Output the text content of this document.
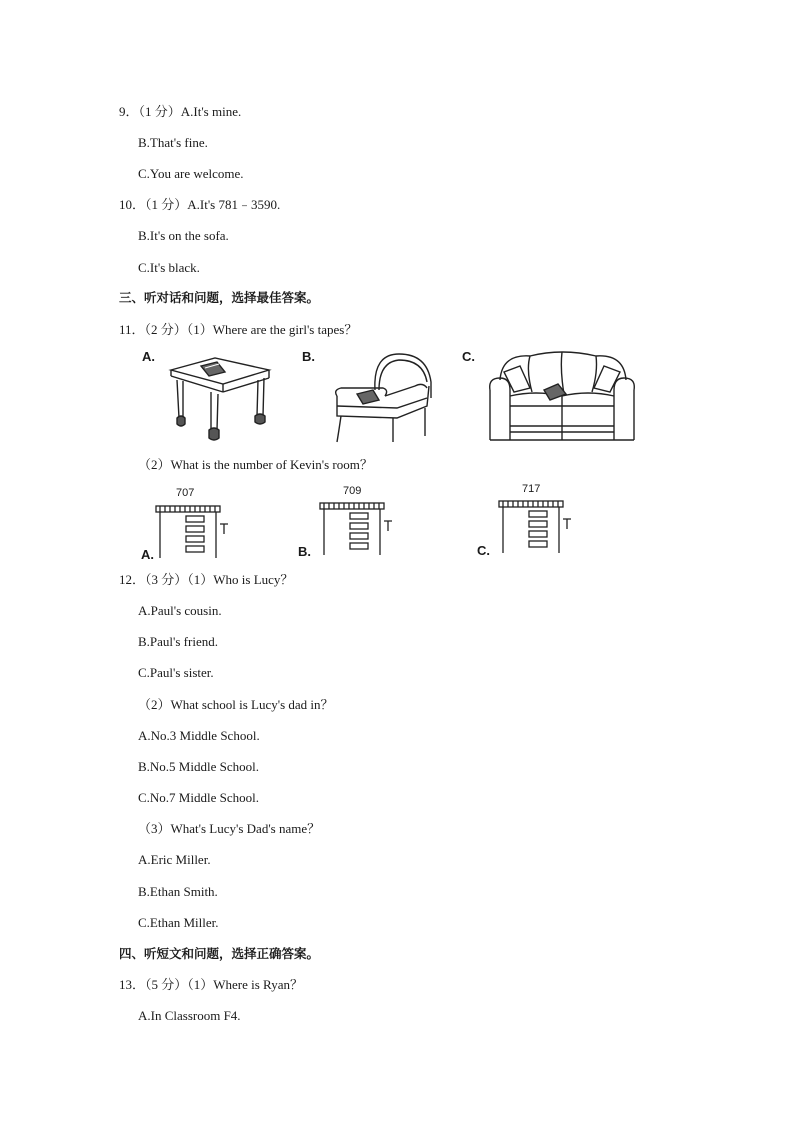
9．（1 分）A.It's mine.
B.That's fine.
C.You are welcome.
10．（1 分）A.It's 781﹣3590.
B.It's on the sofa.
C.It's black.
三、听对话和问题，选择最佳答案。
11．（2 分）（1）Where are the girl's tapes？
A.	B.	C.
（2）What is the number of Kevin's room？
A.
707
B.
709
C.
717
12．（3 分）（1）Who is Lucy？
A.Paul's cousin.
B.Paul's friend.
C.Paul's sister.
（2）What school is Lucy's dad in？
A.No.3 Middle School.
B.No.5 Middle School.
C.No.7 Middle School.
（3）What's Lucy's Dad's name？
A.Eric Miller.
B.Ethan Smith.
C.Ethan Miller.
四、听短文和问题，选择正确答案。
13．（5 分）（1）Where is Ryan？
A.In Classroom F4.
